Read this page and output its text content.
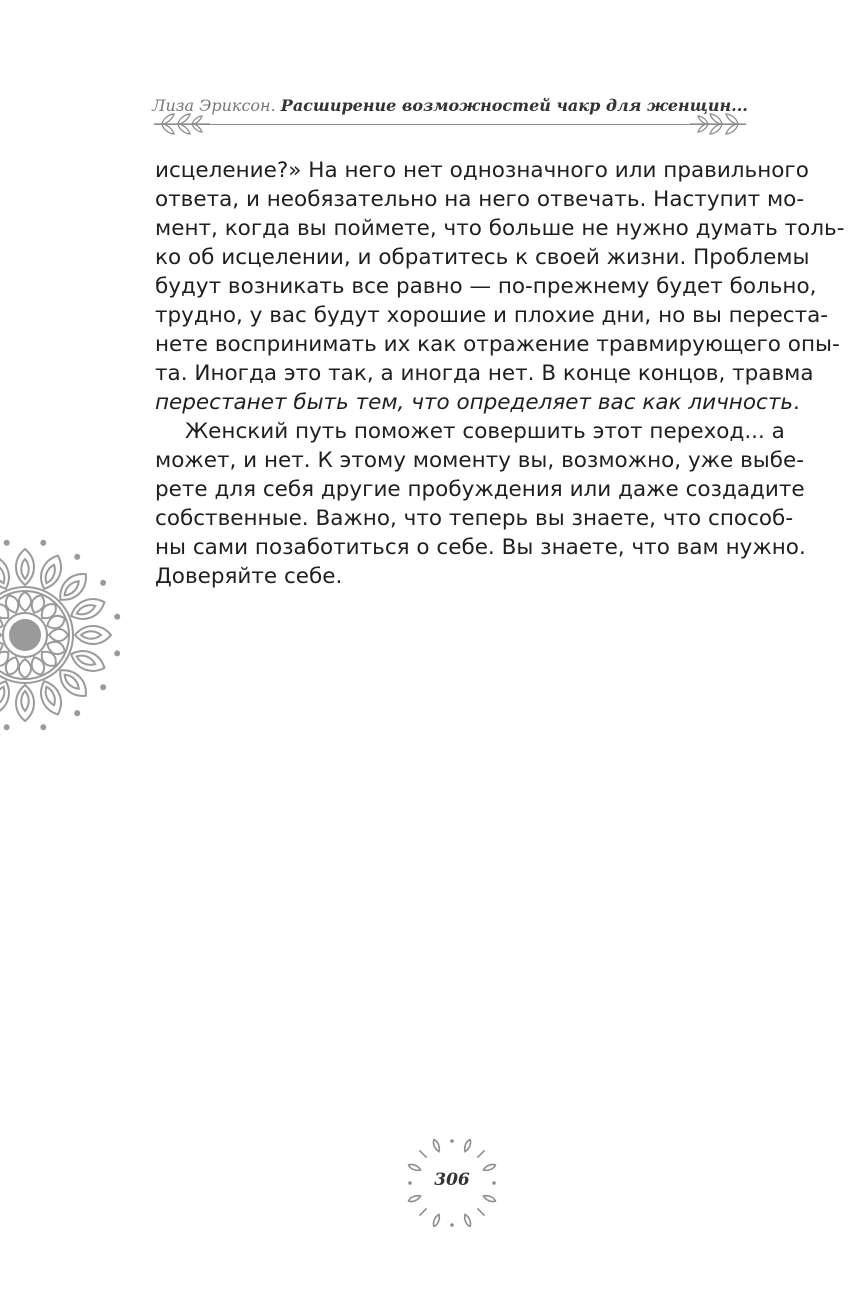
Лиза Эриксон. Расширение возможностей чакр для женщин...
исцеление?» На него нет однозначного или правильного
ответа, и необязательно на него отвечать. Наступит мо-
мент, когда вы поймете, что больше не нужно думать толь-
ко об исцелении, и обратитесь к своей жизни. Проблемы
будут возникать все равно — по-прежнему будет больно,
трудно, у вас будут хорошие и плохие дни, но вы переста-
нете воспринимать их как отражение травмирующего опы-
та. Иногда это так, а иногда нет. В конце концов, травма
перестанет быть тем, что определяет вас как личность.
Женский путь поможет совершить этот переход... а
может, и нет. К этому моменту вы, возможно, уже выбе-
рете для себя другие пробуждения или даже создадите
собственные. Важно, что теперь вы знаете, что способ-
ны сами позаботиться о себе. Вы знаете, что вам нужно.
Доверяйте себе.
306
